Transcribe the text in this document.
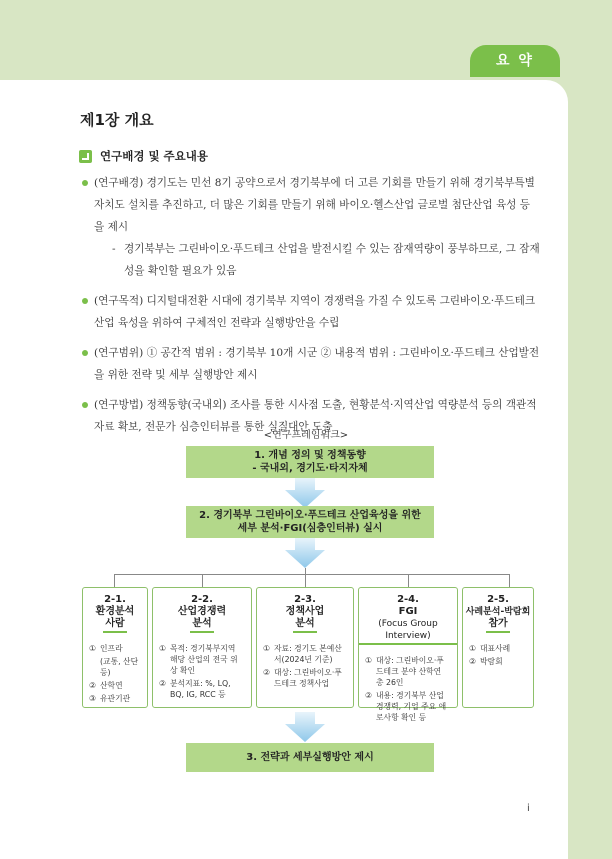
요 약
제1장 개요
연구배경 및 주요내용
(연구배경) 경기도는 민선 8기 공약으로서 경기북부에 더 고른 기회를 만들기 위해 경기북부특별자치도 설치를 추진하고, 더 많은 기회를 만들기 위해 바이오·헬스산업 글로벌 첨단산업 육성 등을 제시
- 경기북부는 그린바이오·푸드테크 산업을 발전시킬 수 있는 잠재역량이 풍부하므로, 그 잠재성을 확인할 필요가 있음
(연구목적) 디지털대전환 시대에 경기북부 지역이 경쟁력을 가질 수 있도록 그린바이오·푸드테크 산업 육성을 위하여 구체적인 전략과 실행방안을 수립
(연구범위) ① 공간적 범위 : 경기북부 10개 시군 ② 내용적 범위 : 그린바이오·푸드테크 산업발전을 위한 전략 및 세부 실행방안 제시
(연구방법) 정책동향(국내외) 조사를 통한 시사점 도출, 현황분석·지역산업 역량분석 등의 객관적 자료 확보, 전문가 심층인터뷰를 통한 실질대안 도출
<연구프레임워크>
1. 개념 정의 및 정책동향
- 국내외, 경기도·타지자체
2. 경기북부 그린바이오·푸드테크 산업육성을 위한
세부 분석·FGI(심층인터뷰) 실시
2-1.
환경분석
사람
① 인프라
(교통, 산단 등)
② 산학연
③ 유관기관
2-2.
산업경쟁력
분석
① 목적: 경기북부지역 해당 산업의 전국 위상 확인
② 분석지표: %, LQ, BQ, IG, RCC 등
2-3.
정책사업
분석
① 자료: 경기도 본예산서(2024년 기준)
② 대상: 그린바이오·푸드테크 정책사업
2-4.
FGI
(Focus Group Interview)
① 대상: 그린바이오·푸드테크 분야 산학연 총 26인
② 내용: 경기북부 산업경쟁력, 기업 주요 애로사항 확인 등
2-5.
사례분석-박람회
참가
① 대표사례
② 박람회
3. 전략과 세부실행방안 제시
i
